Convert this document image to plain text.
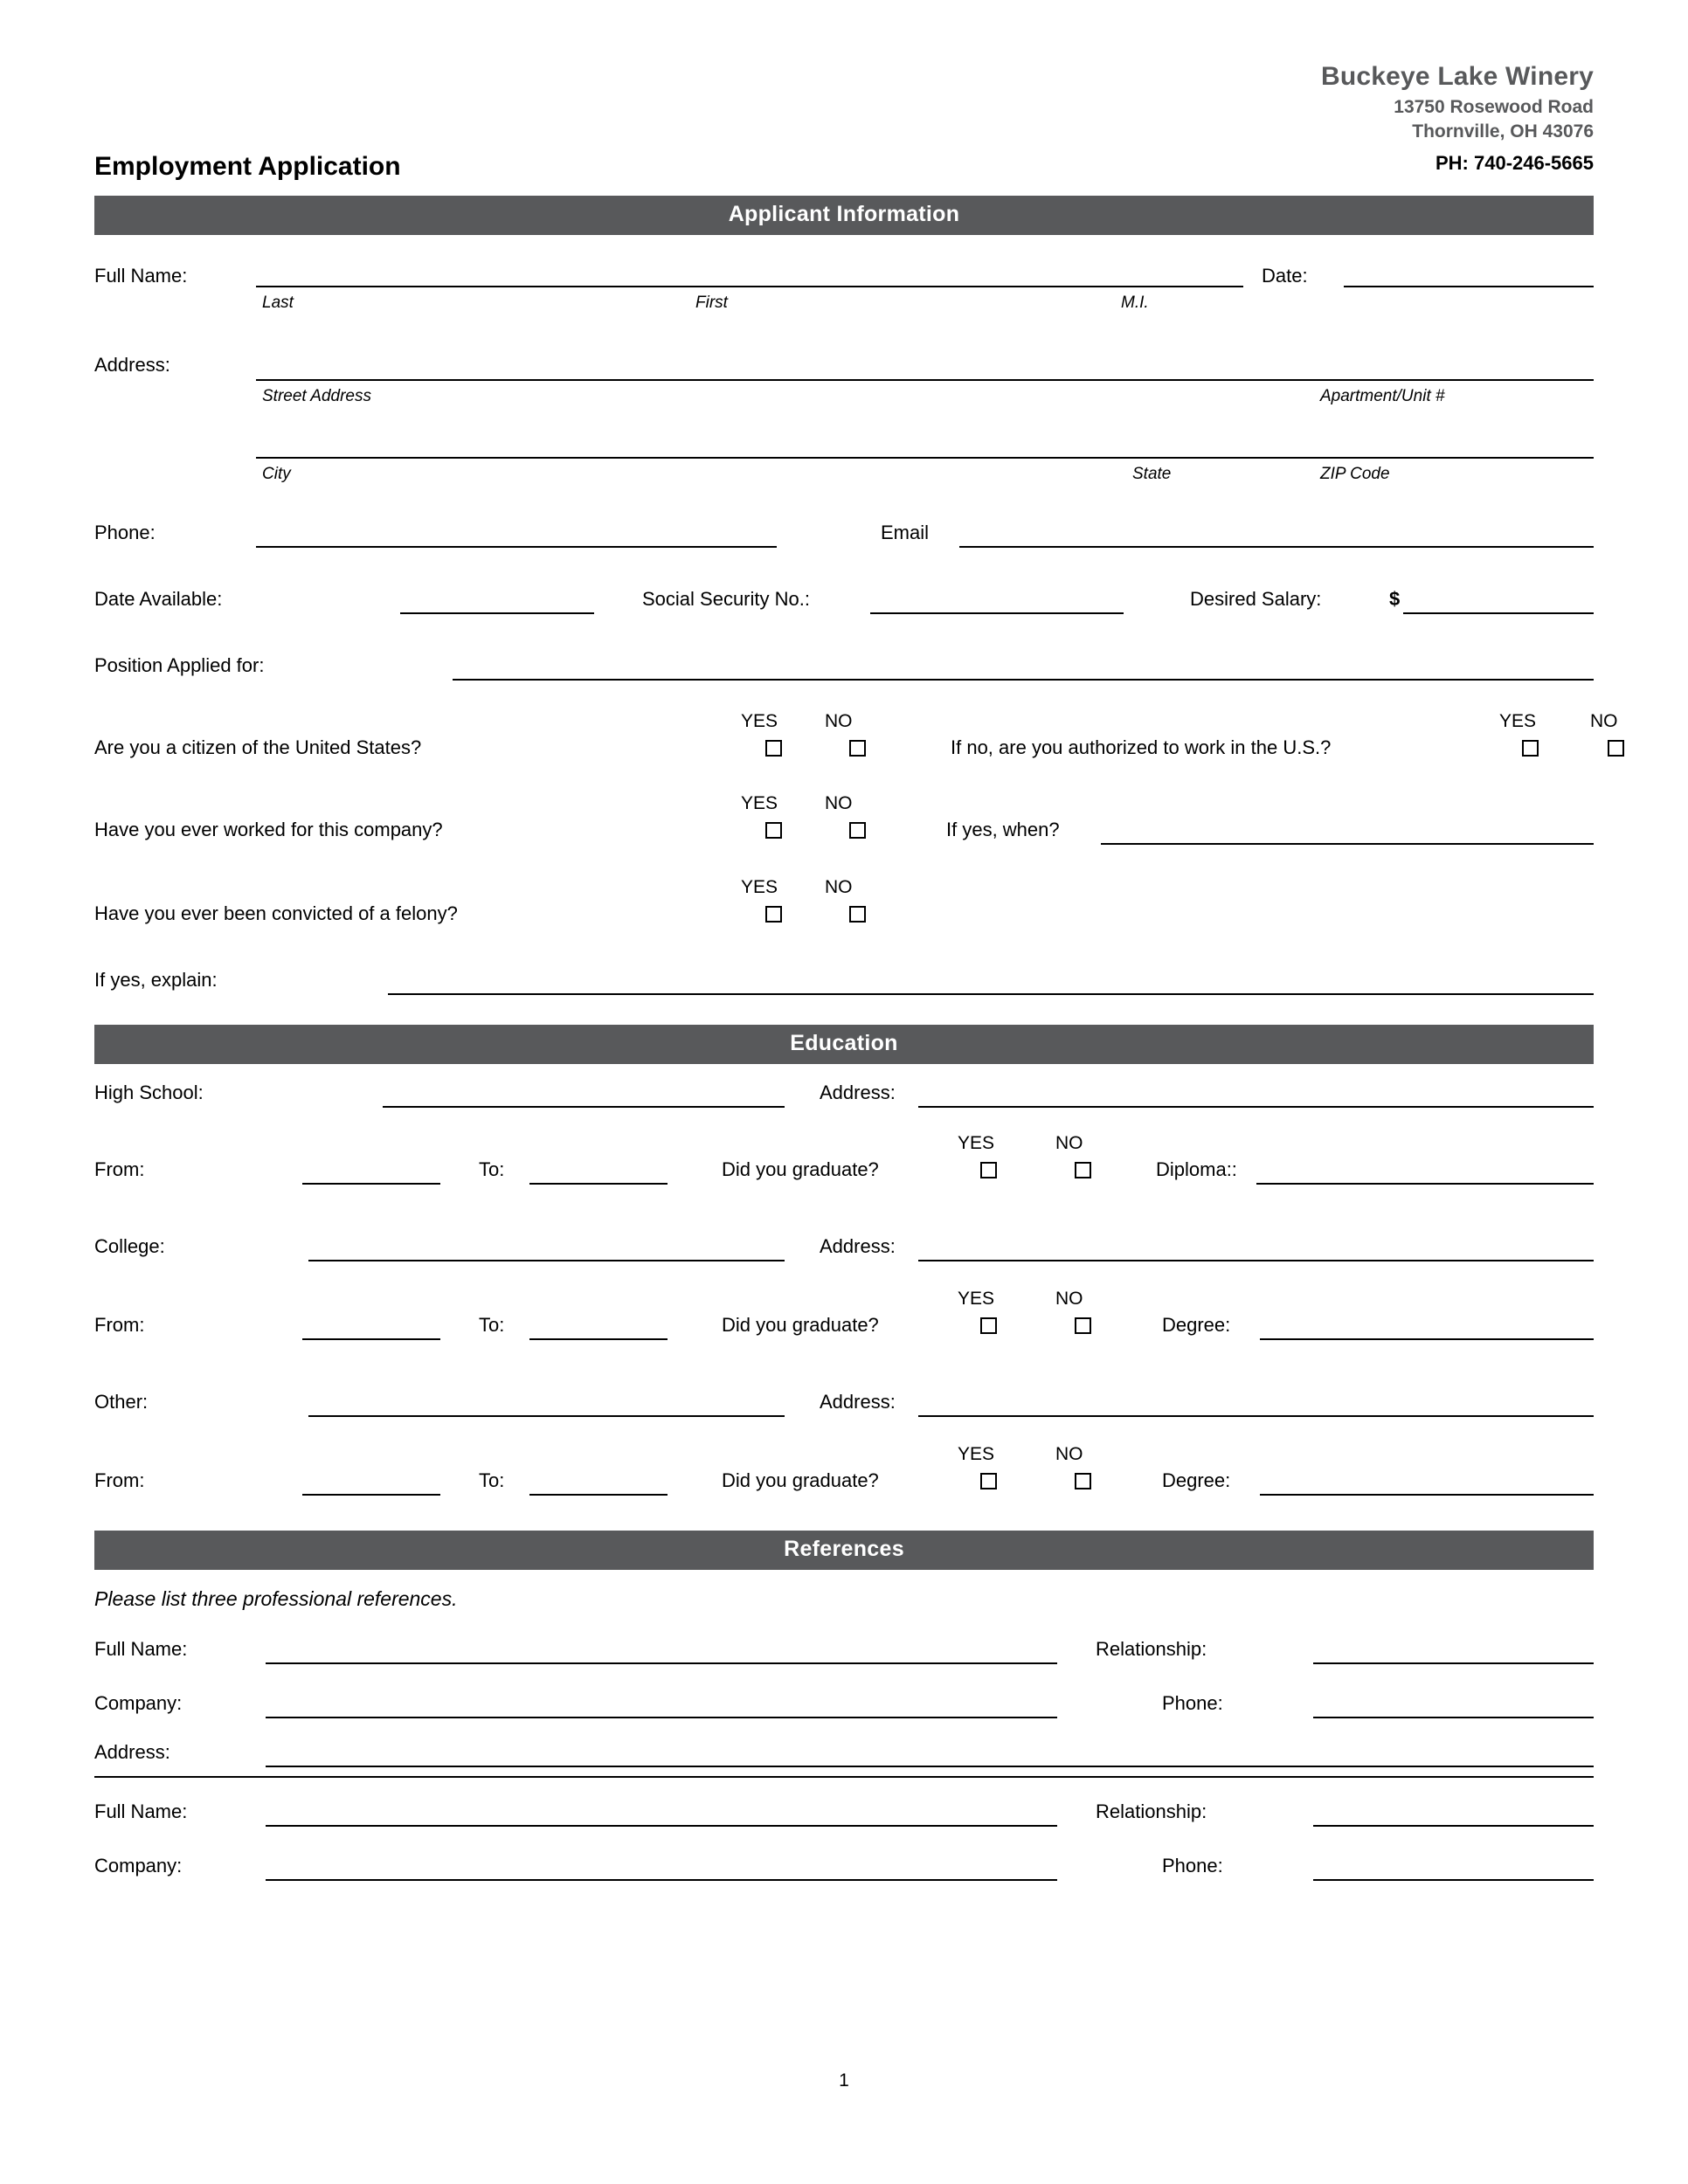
Buckeye Lake Winery
13750 Rosewood Road
Thornville, OH 43076
PH: 740-246-5665
Employment Application
Applicant Information
Full Name:	Date:
Last	First	M.I.
Address:
Street Address	Apartment/Unit #
City	State	ZIP Code
Phone:	Email
Date Available:	Social Security No.:	Desired Salary:	$
Position Applied for:
Are you a citizen of the United States?
YES	NO
If no, are you authorized to work in the U.S.?
YES	NO
Have you ever worked for this company?
YES	NO
If yes, when?
Have you ever been convicted of a felony?
YES	NO
If yes, explain:
Education
High School:	Address:
From:	To:	Did you graduate?
YES	NO
Diploma::
College:	Address:
From:	To:	Did you graduate?
YES	NO
Degree:
Other:	Address:
From:	To:	Did you graduate?
YES	NO
Degree:
References
Please list three professional references.
Full Name:	Relationship:
Company:	Phone:
Address:
Full Name:	Relationship:
Company:	Phone:
1
